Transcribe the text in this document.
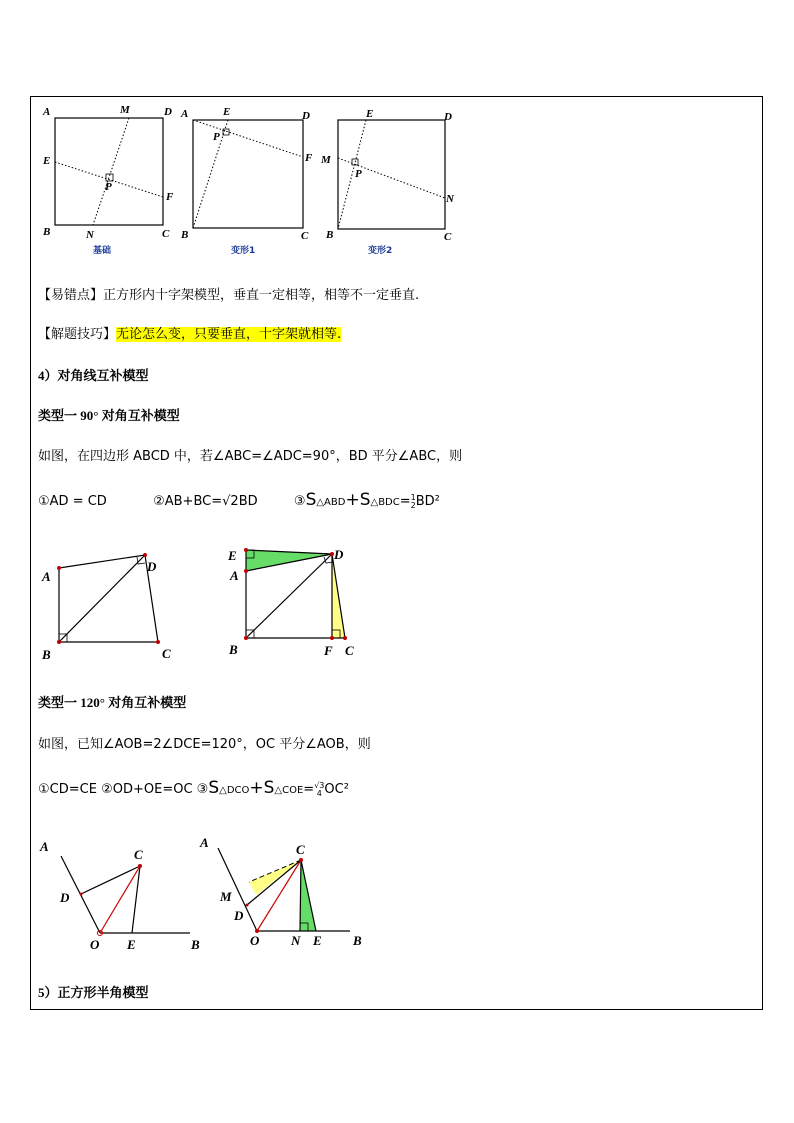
A	M	D
E
P
F
B	N	C
基础
A	E	D
P
F
B	C
变形1
E	D
M
P
N
B	C
变形2
【易错点】正方形内十字架模型，垂直一定相等，相等不一定垂直.
【解题技巧】无论怎么变，只要垂直，十字架就相等.
4）对角线互补模型
类型一 90° 对角互补模型
如图，在四边形 ABCD 中，若∠ABC=∠ADC=90°，BD 平分∠ABC，则
①AD = CD	②AB+BC=√2BD	③S△ABD+S△BDC=1
2BD²
A
D
B	C
E	D
A
B	F C
类型一 120° 对角互补模型
如图，已知∠AOB=2∠DCE=120°，OC 平分∠AOB，则
①CD=CE ②OD+OE=OC ③S△DCO+S△COE=√3
4 OC²
A
C
D
O E	B
A	C
M
D
O N E B
5）正方形半角模型
